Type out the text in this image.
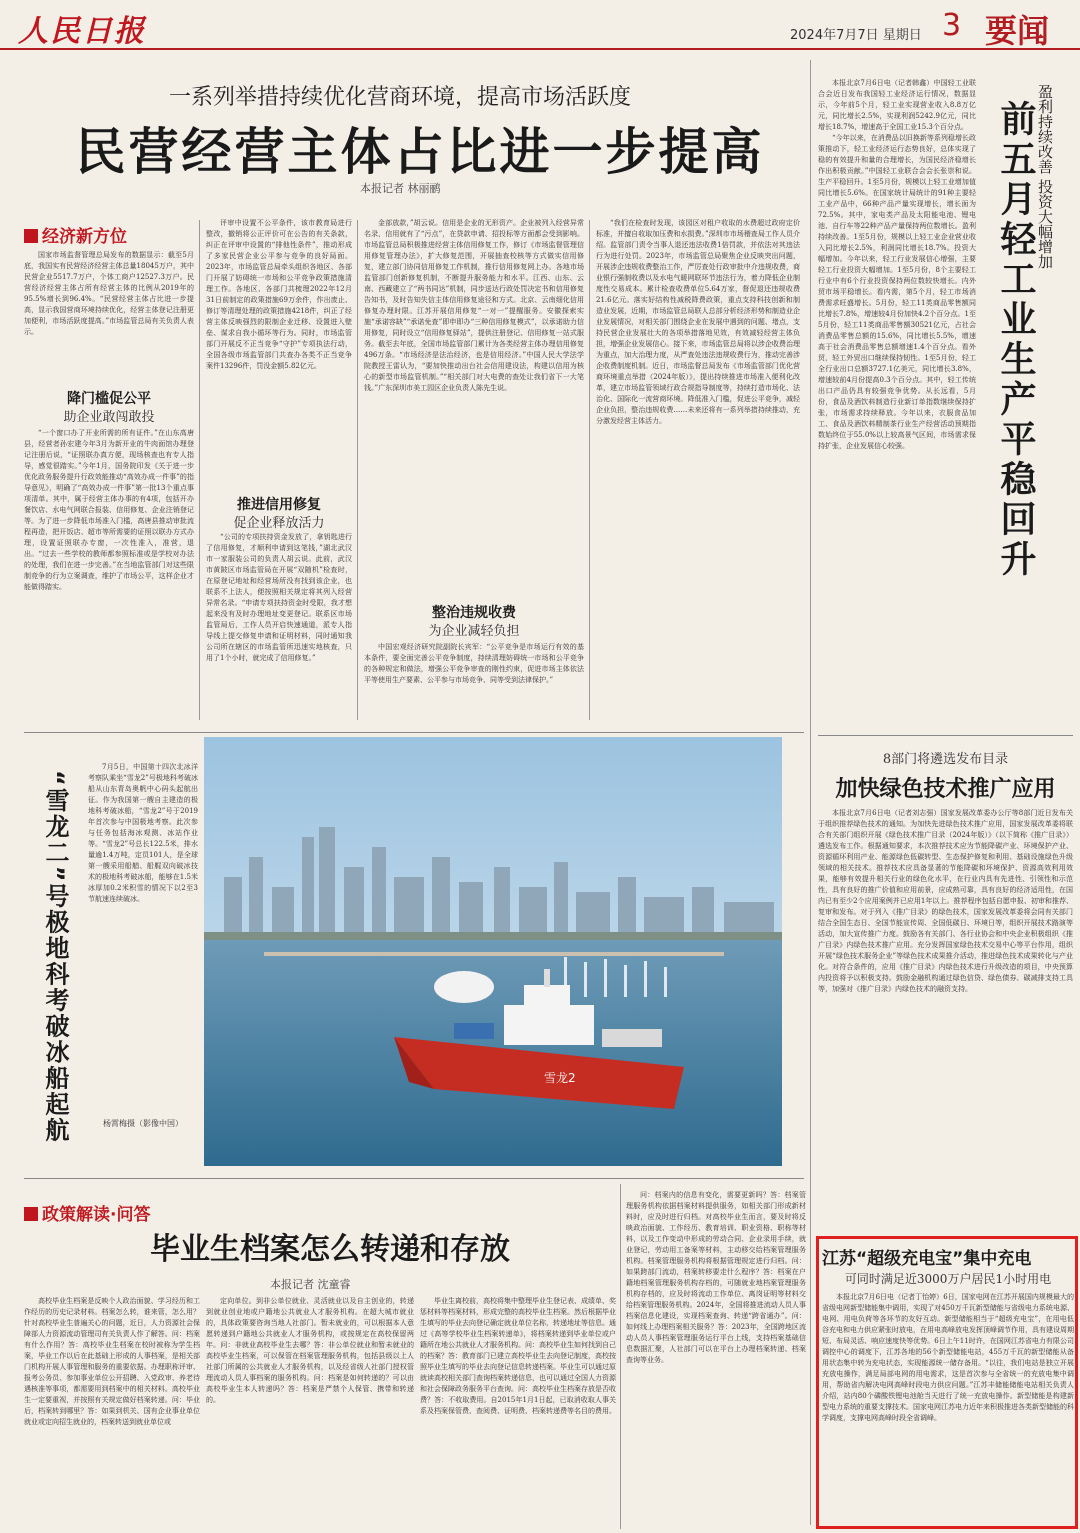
人民日报	2024年7月7日 星期日 3 要闻
一系列举措持续优化营商环境，提高市场活跃度
民营经营主体占比进一步提高
本报记者 林丽鹂
经济新方位

国家市场监督管理总局发布的数据显示：截至5月底，我国实有民营经济经营主体总量18045万户，其中民营企业5517.7万户，个体工商户12527.3万户。民营经济经营主体占所有经营主体的比例从2019年的95.5%增长到96.4%。“民营经营主体占比进一步提高，显示我国营商环境持续优化，经营主体登记注册更加便利，市场活跃度提高。”市场监管总局有关负责人表示。

降门槛促公平
助企业敢闯敢投

“一个窗口办了开业所需的所有证件。”在山东高唐县，经营者孙宏建今年3月为新开业的牛肉面馆办理登记注册后说，“证照联办真方便，现场核查也有专人指导，感觉很踏实。”今年1月，国务院印发《关于进一步优化政务服务提升行政效能推动“高效办成一件事”的指导意见》，明确了“高效办成一件事”第一批13个重点事项清单。其中，属于经营主体办事的有4项，包括开办餐饮店、水电气网联合报装、信用修复、企业注销登记等。为了进一步降低市场准入门槛，高唐县推动审批流程再造，把开饭店、超市等所需要的证照以联办方式办理，设置证照联办专窗，一次性准入，准营，退出。“过去一些学校的教师都参照标准或是学校对办法的处理，我们在进一步完善。”在当地监管部门对这些限制竞争的行为立案调查，维护了市场公平，这样企业才能做得踏实。

评审中设置不公平条件，该市教育局进行整改，撤销将公正评价可在公告的有关条款，纠正在评审中设置的“排他性条件”，推动形成了多家民营企业公平参与竞争的良好局面。2023年，市场监管总局牵头组织各地区、各部门开展了妨碍统一市场和公平竞争政策措施清理工作。各地区、各部门共梳理2022年12月31日前制定的政策措施69万余件，作出废止、修订等清理处理的政策措施4218件，纠正了经营主体反映强烈的限制企业迁移、设置进入壁垒、谋求自我小循环等行为。同时，市场监管部门开展反不正当竞争“守护”专项执法行动，全国各级市场监管部门共查办各类不正当竞争案件13296件，罚没金额5.82亿元。

推进信用修复
促企业释放活力

“公司的专项扶持资金发放了，拿钥匙进行了信用修复，才顺利申请到这笔钱，”湖北武汉市一家服装公司的负责人胡云说。此前，武汉市黄陂区市场监管局在开展“双随机”检查时，在原登记地址和经营场所没有找到该企业，也联系不上法人，便按照相关规定将其列入经营异常名录。“申请专项扶持资金时受限，我才想起来没有及时办理地址变更登记。联系区市场监管局后，工作人员开启快速通道，派专人指导线上提交修复申请和证明材料，同时通知我公司所在辖区的市场监管所迅速实地核查，只用了1个小时，就完成了信用修复。”

金部放款，”胡云说。信用是企业的无形资产。企业被列入经营异常名录，信用就有了“污点”，在贷款申请、招投标等方面都会受到影响。市场监管总局积极推进经营主体信用修复工作，修订《市场监督管理信用修复管理办法》，扩大修复范围，开展抽查校核等方式做实信用修复，建立部门协同信用修复工作机制，推行信用修复网上办。各地市场监管部门创新修复机制，不断提升服务能力和水平。江西、山东、云南、西藏建立了“两书同达”机制，同步送达行政处罚决定书和信用修复告知书，及时告知失信主体信用修复途径和方式。北京、云南细化信用修复办理时限。江苏开展信用修复“一对一”提醒服务。安徽探索实施“承诺容缺”“承诺免查”即申即办“三种信用修复模式”，以承诺助力信用修复，同时设立“信用修复驿站”，提供注册登记、信用修复一站式服务。截至去年底，全国市场监管部门累计为各类经营主体办理信用修复496万条。“市场经济是法治经济，也是信用经济。”中国人民大学法学院教授王雷认为，“要加快推动出台社会信用建设法，构建以信用为核心的新型市场监管机制。”“相关部门对大电费的查处让我们省下一大笔钱。”广东深圳市美工园区企业负责人陈先生说。

整治违规收费
为企业减轻负担

中国宏观经济研究院副院长宾军：“公平竞争是市场运行有效的基本条件，要全面完善公平竞争制度，持续清理妨碍统一市场和公平竞争的各种规定和做法，增强公平竞争审查的刚性约束，促进市场主体依法平等使用生产要素、公平参与市场竞争、同等受到法律保护。”

“我们在检查时发现，该园区对租户收取的水费超过政府定价标准，并擅自收取加压费和水损费。”深圳市市场稽查局工作人员介绍。监管部门责令当事人退还违法收费1倍罚款，并依法对其违法行为进行处罚。2023年，市场监管总局聚焦企业反映突出问题，开展涉企违规收费整治工作，严厉查处行政审批中介违规收费，商业银行强制收费以及水电气暖网联环节违法行为，着力降低企业制度性交易成本。累计检查收费单位5.64万家，督促退还违规收费21.6亿元。落实好结构性减税降费政策，重点支持科技创新和制造业发展，近期，市场监管总局联人总部分析经济形势和制造业企业发展情况，对相关部门围绕企业在发展中遇到的问题、堵点，支持民营企业发展壮大的各项举措落地见效，有效减轻经营主体负担，增强企业发展信心。接下来，市场监管总局将以涉企收费治理为重点，加大治理力度，从严查处违法违规收费行为，推动完善涉企收费制度机制。近日，市场监督总局发布《市场监管部门优化营商环境重点举措（2024年版）》，提出持续推进市场准入便利化改革，建立市场监管领域行政合规指导制度等，持续打造市场化、法治化、国际化一流营商环境。降低准入门槛，促进公平竞争，减轻企业负担，整治违规收费……未来还将有一系列举措持续推动，充分激发经营主体活力。

本报北京7月6日电（记者韩鑫）中国轻工业联合会近日发布我国轻工业经济运行情况，数据显示，今年前5个月，轻工业实现营业收入8.8万亿元，同比增长2.5%，实现利润5242.9亿元，同比增长18.7%，增速高于全国工业15.3个百分点。

“今年以来，在消费品以旧换新等系列稳增长政策推动下，轻工业经济运行态势良好，总体实现了稳的有效提升和量的合理增长，为国民经济稳增长作出积极贡献。”中国轻工业联合会会长张崇和说。生产平稳回升。1至5月份，规模以上轻工业增加值同比增长5.6%。在国家统计局统计的91种主要轻工业产品中，66种产品产量实现增长，增长面为72.5%。其中，家电类产品及太阳能电池、锂电池、自行车等22种产品产量保持两位数增长。盈利持续改善。1至5月份，规模以上轻工业企业营业收入同比增长2.5%，利润同比增长18.7%。投资大幅增加。今年以来，轻工行业发展信心增强，主要轻工行业投资大幅增加。1至5月份，8个主要轻工行业中有6个行业投资保持两位数较快增长。内外贸市场平稳增长。看内需，第5个月，轻工市场消费需求旺盛增长。5月份，轻工11类商品零售额同比增长7.8%，增速较4月份加快4.2个百分点。1至5月份，轻工11类商品零售额30521亿元，占社会消费品零售总额的15.6%，同比增长5.5%，增速高于社会消费品零售总额增速1.4个百分点。看外贸，轻工外贸出口继续保持韧性。1至5月份，轻工全行业出口总额3727.1亿美元，同比增长3.8%，增速较前4月份提高0.3个百分点。其中，轻工传统出口产品仍具有较强竞争优势。从长远看，5月份，食品及酒饮料制造行业新订单指数继续保持扩张，市场需求持续释放。今年以来，衣服食品加工、食品及酒饮料精制茶行业生产经营活动预期指数始终位于55.0%以上较高景气区间，市场需求保持扩张，企业发展信心较强。	前五月轻工业生产平稳回升 盈利持续改善 投资大幅增加
8部门将遴选发布目录
加快绿色技术推广应用

本报北京7月6日电（记者刘志强）国家发展改革委办公厅等8部门近日发布关于组织推荐绿色技术的通知。为加快先进绿色技术推广应用，国家发展改革委将联合有关部门组织开展《绿色技术推广目录（2024年版）》（以下简称《推广目录》）遴选发布工作。根据通知要求，本次推荐技术应为节能降碳产业、环境保护产业、资源循环利用产业、能源绿色低碳转型、生态保护修复和利用、基础设施绿色升级领域的相关技术。推荐技术应具备显著的节能降碳和环境保护、资源高效利用效果，能够有效提升相关行业的绿色化水平，在行业内具有先进性、引领性和示范性，具有良好的推广价值和应用前景，应成熟可靠，具有良好的经济适用性，在国内已有至少2个应用案例并已应用1年以上。推荐程序包括自愿申报、初审和推荐、复审和发布。对于列入《推广目录》的绿色技术，国家发展改革委将会同有关部门结合全国生态日、全国节能宣传周、全国低碳日、环境日等，组织开展技术路演等活动，加大宣传推广力度。鼓励各有关部门、各行业协会和中央企业积极组织《推广目录》内绿色技术推广应用。充分发挥国家绿色技术交易中心等平台作用，组织开展“绿色技术服务企业”等绿色技术成果推介活动，推进绿色技术成果转化与产业化。对符合条件的，应用《推广目录》内绿色技术进行升级改造的项目，中央预算内投资将予以积极支持。鼓励金融机构通过绿色信贷、绿色债券、碳减排支持工具等，加强对《推广目录》内绿色技术的融资支持。

江苏“超级充电宝”集中充电
可同时满足近3000万户居民1小时用电

本报北京7月6日电（记者丁怡婷）6日，国家电网在江苏开展国内规模最大的省级电网新型储能集中调用，实现了对450万千瓦新型储能与省级电力系统电源、电网、用电负荷等各环节的友好互动。新型储能相当于“超级充电宝”，在用电低谷充电和电力供应紧张时放电，在用电高峰放电发挥顶峰调节作用，具有建设周期短、布局灵活、响应速度快等优势。6日上午11时许，在国网江苏省电力有限公司调控中心的调度下，江苏各地的56个新型储能电站，455万千瓦的新型储能从备用状态集中转为充电状态，实现能源统一储存备用。“以往，我们电站是独立开展充放电操作，满足局部电网的用电需求，这是首次参与全省统一的充放电集中调用，帮助省内解决电网高峰时段电力供应问题。”江苏丰储能储能电站相关负责人介绍，站内80个磷酸铁锂电池舱当天进行了统一充放电操作。新型储能是构建新型电力系统的重要支撑技术。国家电网江苏电力近年来积极推进各类新型储能的科学调度，支撑电网高峰时段全省调峰。

“雪龙二”号极地科考破冰船起航

7月5日，中国第十四次北冰洋考察队乘坐“雪龙2”号极地科考破冰船从山东青岛奥帆中心码头起航出征。作为我国第一艘自主建造的极地科考破冰船，“雪龙2”号于2019年首次参与中国极地考察。此次参与任务包括海冰观测、冰站作业等。“雪龙2”号总长122.5米，排水量逾1.4万吨，定员101人，是全球第一艘采用船艏、船艉双向破冰技术的极地科考破冰船，能够在1.5米冰厚加0.2米积雪的情况下以2至3节航速连续破冰。

杨霄梅摄（影像中国）
雪龙2
政策解读·问答
毕业生档案怎么转递和存放
本报记者 沈童睿

高校毕业生档案是反映个人政治面貌、学习经历和工作经历的历史记录材料。档案怎么转，谁来管，怎么用？针对高校毕业生普遍关心的问题，近日，人力资源社会保障部人力资源流动管理司有关负责人作了解答。问：档案有什么作用？答：高校毕业生档案在校时被称为学生档案，毕业工作以后在此基础上形成的人事档案，是相关部门机构开展人事管理和服务的重要依据。办理职称评审、报考公务员、参加事业单位公开招聘、入党政审、养老待遇核准等事项，都需要用到档案中的相关材料。高校毕业生一定要重视，并按照有关规定做好档案转递。问：毕业后，档案转到哪里？答：如果到机关、国有企业事业单位就业或定向招生就业的，档案转送到就业单位或

定向单位。到非公单位就业、灵活就业以及自主创业的，转递到就业创业地或户籍地公共就业人才服务机构。在超大城市就业的，具体政策要咨询当地人社部门。暂未就业的，可以根据本人意愿转递到户籍地公共就业人才服务机构，或按规定在高校保留两年。问：非就业高校毕业生去哪？答：非公单位就业和暂未就业的高校毕业生档案，可以保管在档案管理服务机构，包括县级以上人社部门所属的公共就业人才服务机构，以及经省级人社部门授权管理流动人员人事档案的服务机构。问：档案是如何转递的？可以由高校毕业生本人转递吗？答：档案是严禁个人保管、携带和转递的。

毕业生离校前，高校将集中整理毕业生登记表、成绩单、奖惩材料等档案材料，形成完整的高校毕业生档案。然后根据毕业生填写的毕业去向登记确定就业单位名称，转递地址等信息。通过《高等学校毕业生档案转递单》，将档案转递到毕业单位或户籍所在地公共就业人才服务机构。问：高校毕业生如何找到自己的档案？答：教育部门已建立高校毕业生去向登记制度，高校按照毕业生填写的毕业去向登记信息转递档案。毕业生可以通过原就读高校相关部门查询档案转递信息，也可以通过全国人力资源和社会保障政务服务平台查询。问：高校毕业生档案存放是否收费？答：不收取费用。自2015年1月1日起，已取消收取人事关系及档案保管费、查阅费、证明费、档案转递费等名目的费用。

问：档案内的信息有变化，需要更新吗？答：档案管理服务机构依据档案材料提供服务，如相关部门形成新材料时，应及时进行归档。对高校毕业生而言，要及时将反映政治面貌、工作经历、教育培训、职业资格、职称等材料，以及工作变动中形成的劳动合同、企业录用手续，就业登记，劳动用工备案等材料，主动移交给档案管理服务机构。档案管理服务机构将根据管理规定进行归档。问：如果跨部门流动，档案转移要走什么程序？答：档案在户籍地档案管理服务机构存档的，可随就业地档案管理服务机构存档的，应及时将流动工作单位、离岗证明等材料交给档案管理服务机构。2024年，全国将推进流动人员人事档案信息化建设，实现档案查询、转递“跨省通办”。问：如何线上办理档案相关服务？答：2023年，全国跨地区流动人员人事档案管理服务运行平台上线，支持档案基础信息数据汇聚，人社部门可以在平台上办理档案转递、档案查询等业务。
